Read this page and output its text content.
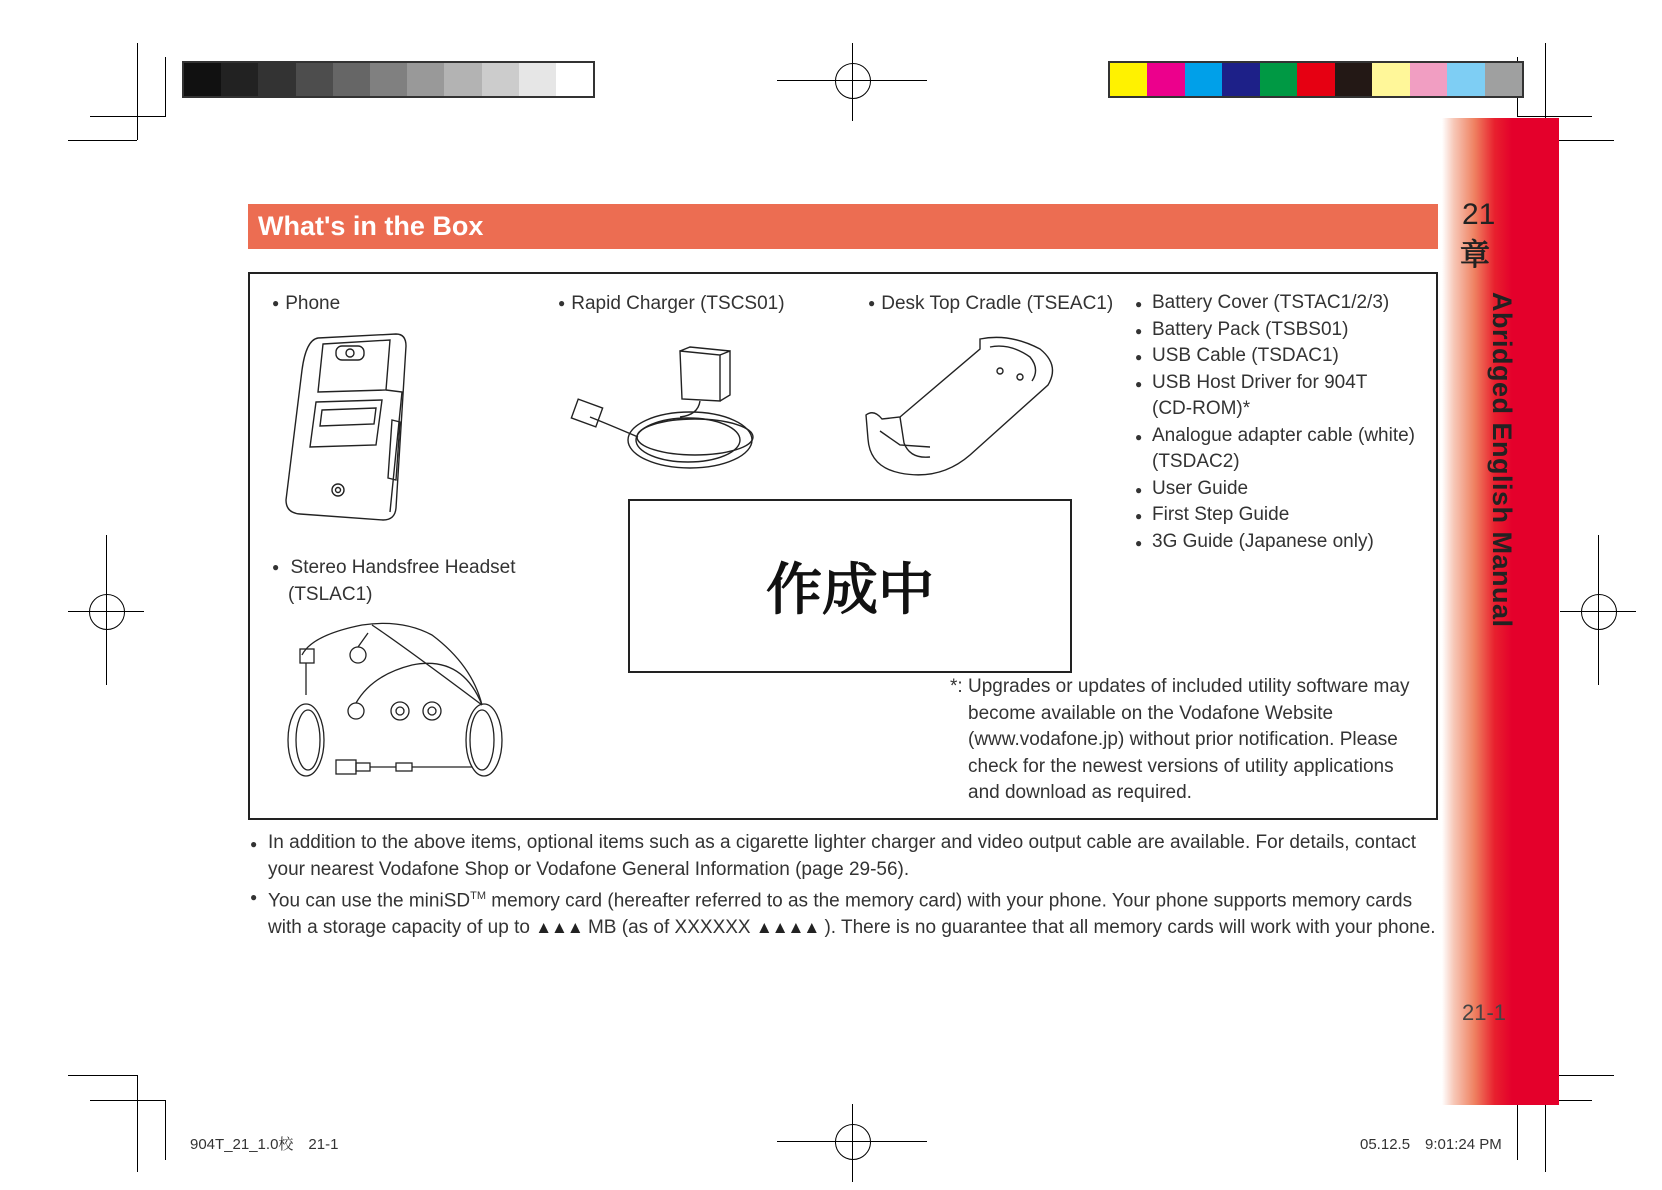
21
章
Abridged English Manual
21-1
What's in the Box
● Phone	● Rapid Charger (TSCS01)	● Desk Top Cradle (TSEAC1)
● Stereo Handsfree Headset
(TSLAC1)
● Battery Cover (TSTAC1/2/3)
● Battery Pack (TSBS01)
● USB Cable (TSDAC1)
● USB Host Driver for 904T
(CD-ROM)*
● Analogue adapter cable (white)
(TSDAC2)
● User Guide
● First Step Guide
● 3G Guide (Japanese only)
作成中
*: Upgrades or updates of included utility software may become available on the Vodafone Website (www.vodafone.jp) without prior notification. Please check for the newest versions of utility applications and download as required.

● In addition to the above items, optional items such as a cigarette lighter charger and video output cable are available. For details, contact your nearest Vodafone Shop or Vodafone General Information (page 29-56).

● You can use the miniSD™ memory card (hereafter referred to as the memory card) with your phone. Your phone supports memory cards with a storage capacity of up to ▲▲▲ MB (as of XXXXXX ▲▲▲▲ ). There is no guarantee that all memory cards will work with your phone.

904T_21_1.0校　21-1	05.12.5　9:01:24 PM
